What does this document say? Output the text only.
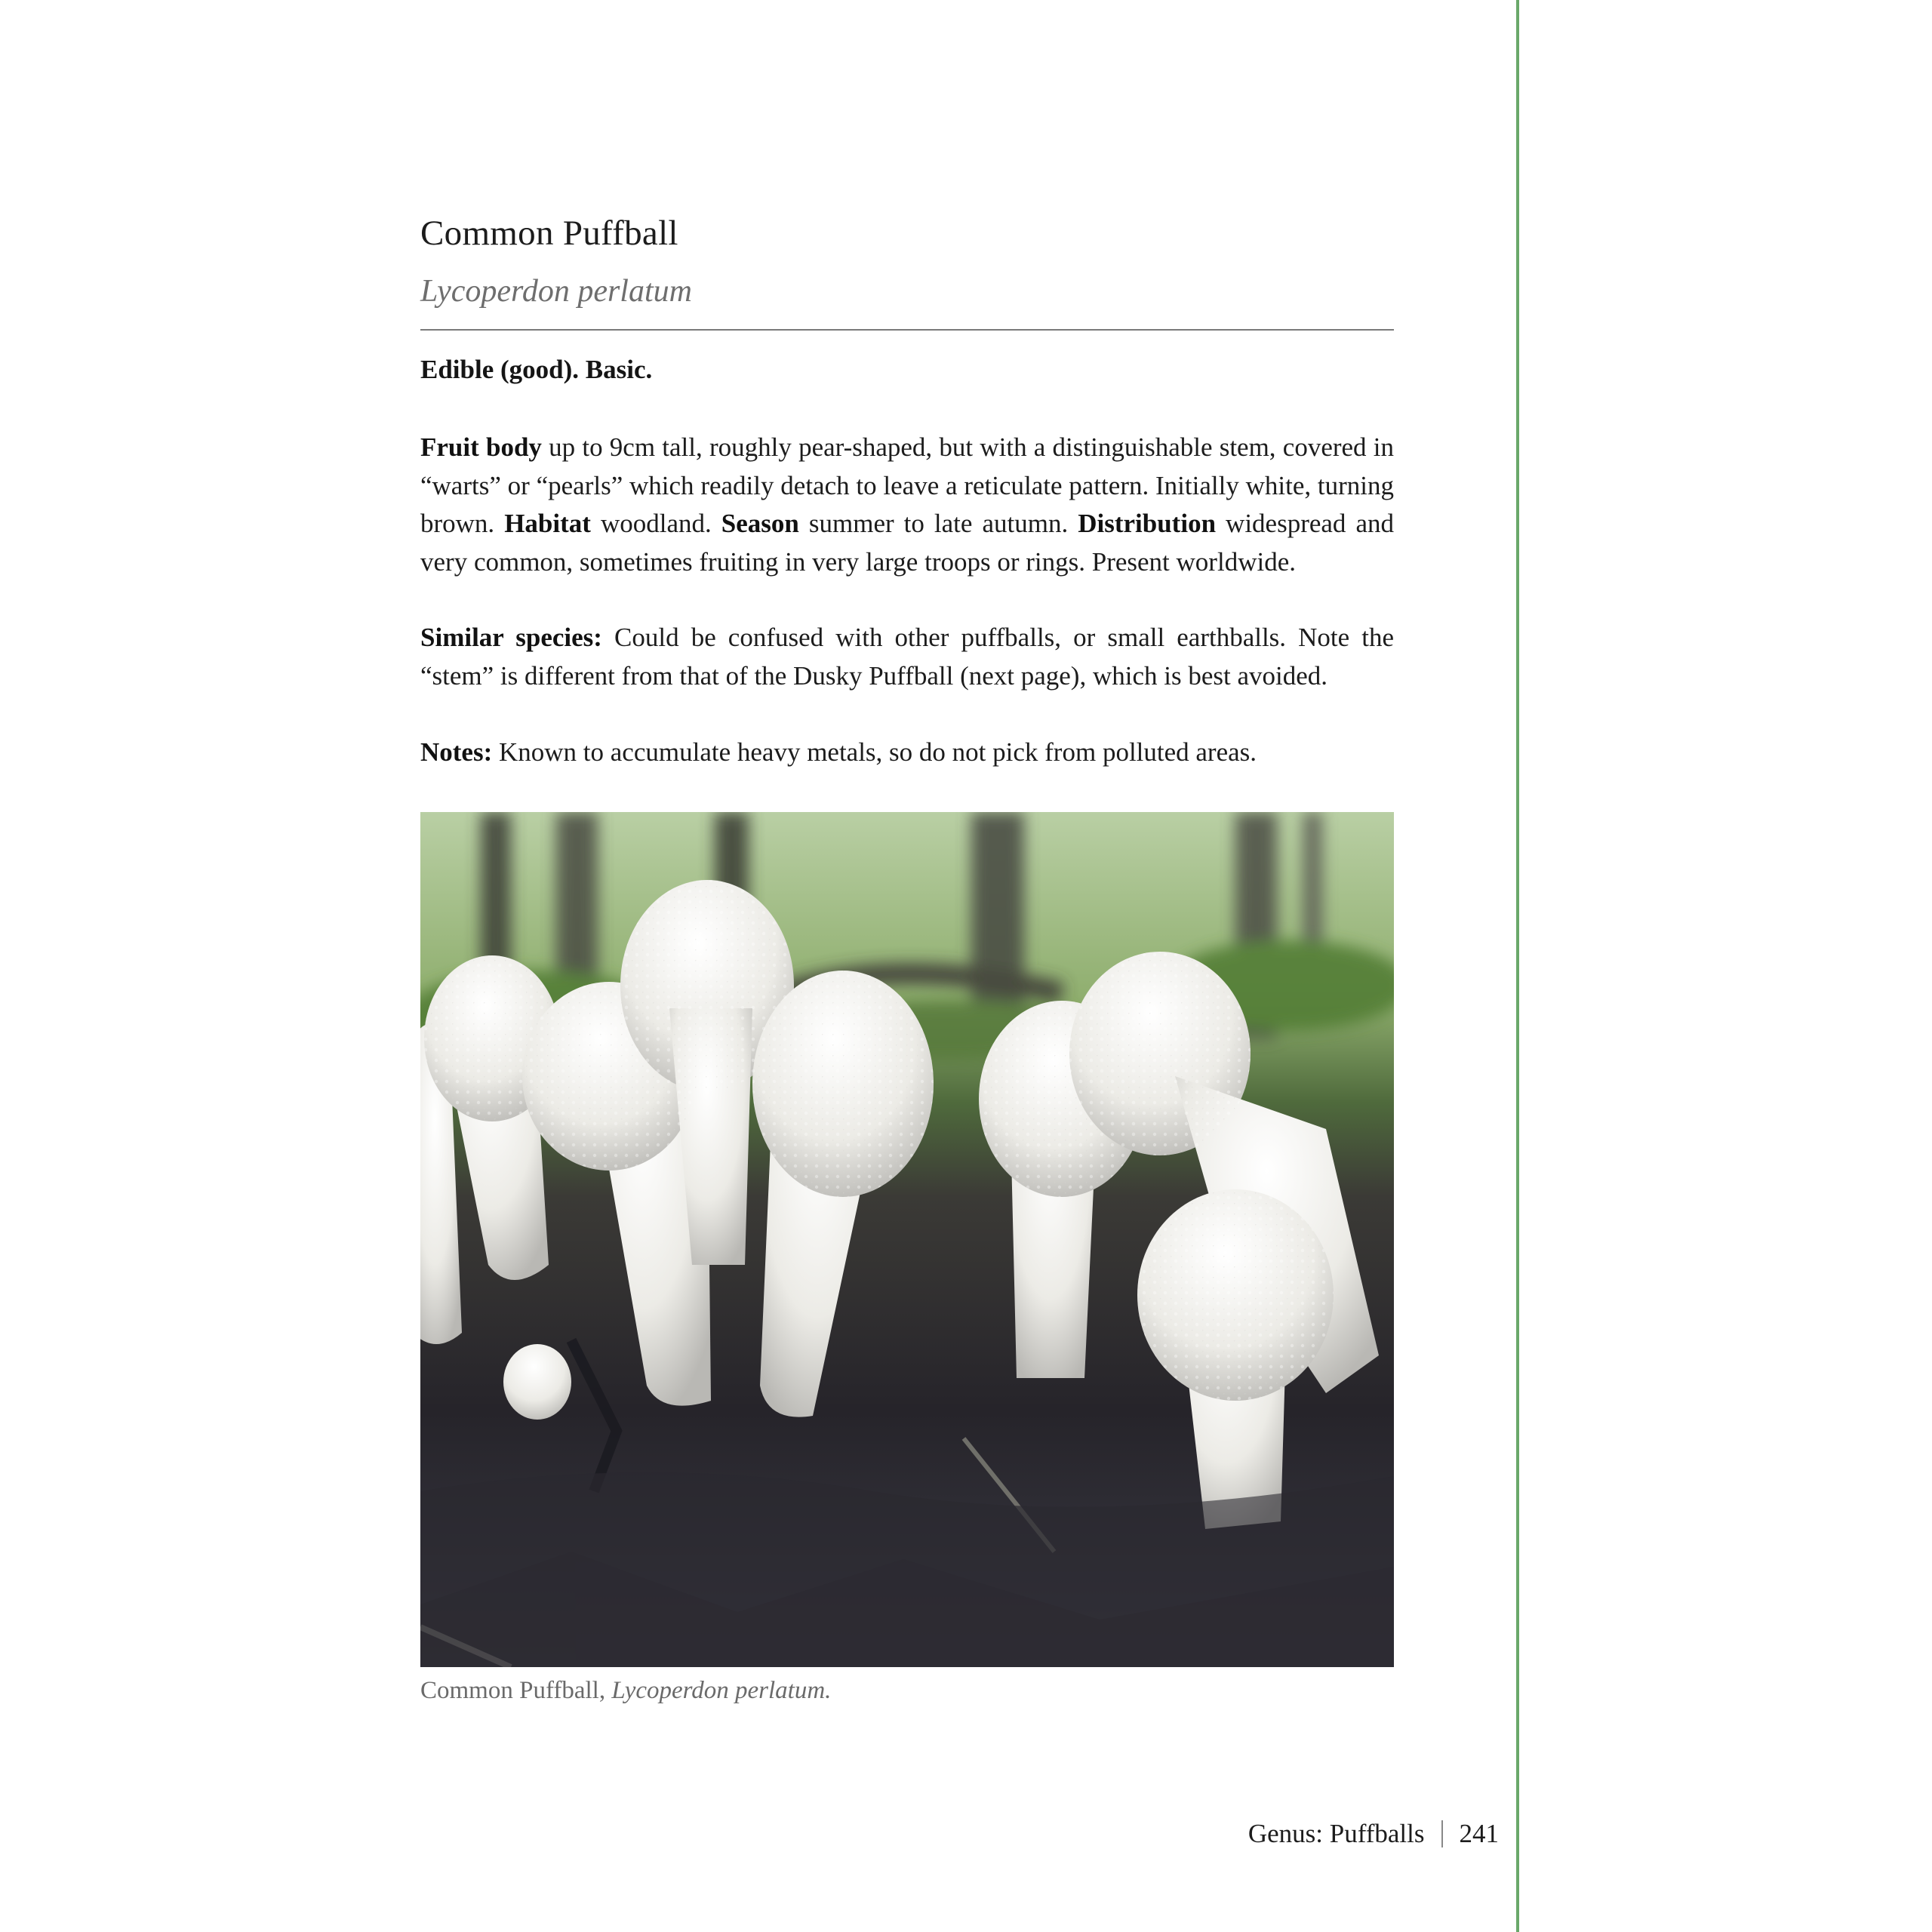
Common Puffball
Lycoperdon perlatum
Edible (good). Basic.
Fruit body up to 9cm tall, roughly pear-shaped, but with a distinguishable stem, covered in “warts” or “pearls” which readily detach to leave a reticulate pattern. Initially white, turning brown. Habitat woodland. Season summer to late autumn. Distribution widespread and very common, sometimes fruiting in very large troops or rings. Present worldwide.
Similar species: Could be confused with other puffballs, or small earthballs. Note the “stem” is different from that of the Dusky Puffball (next page), which is best avoided.
Notes: Known to accumulate heavy metals, so do not pick from polluted areas.
Common Puffball, Lycoperdon perlatum.
Genus: Puffballs 241
